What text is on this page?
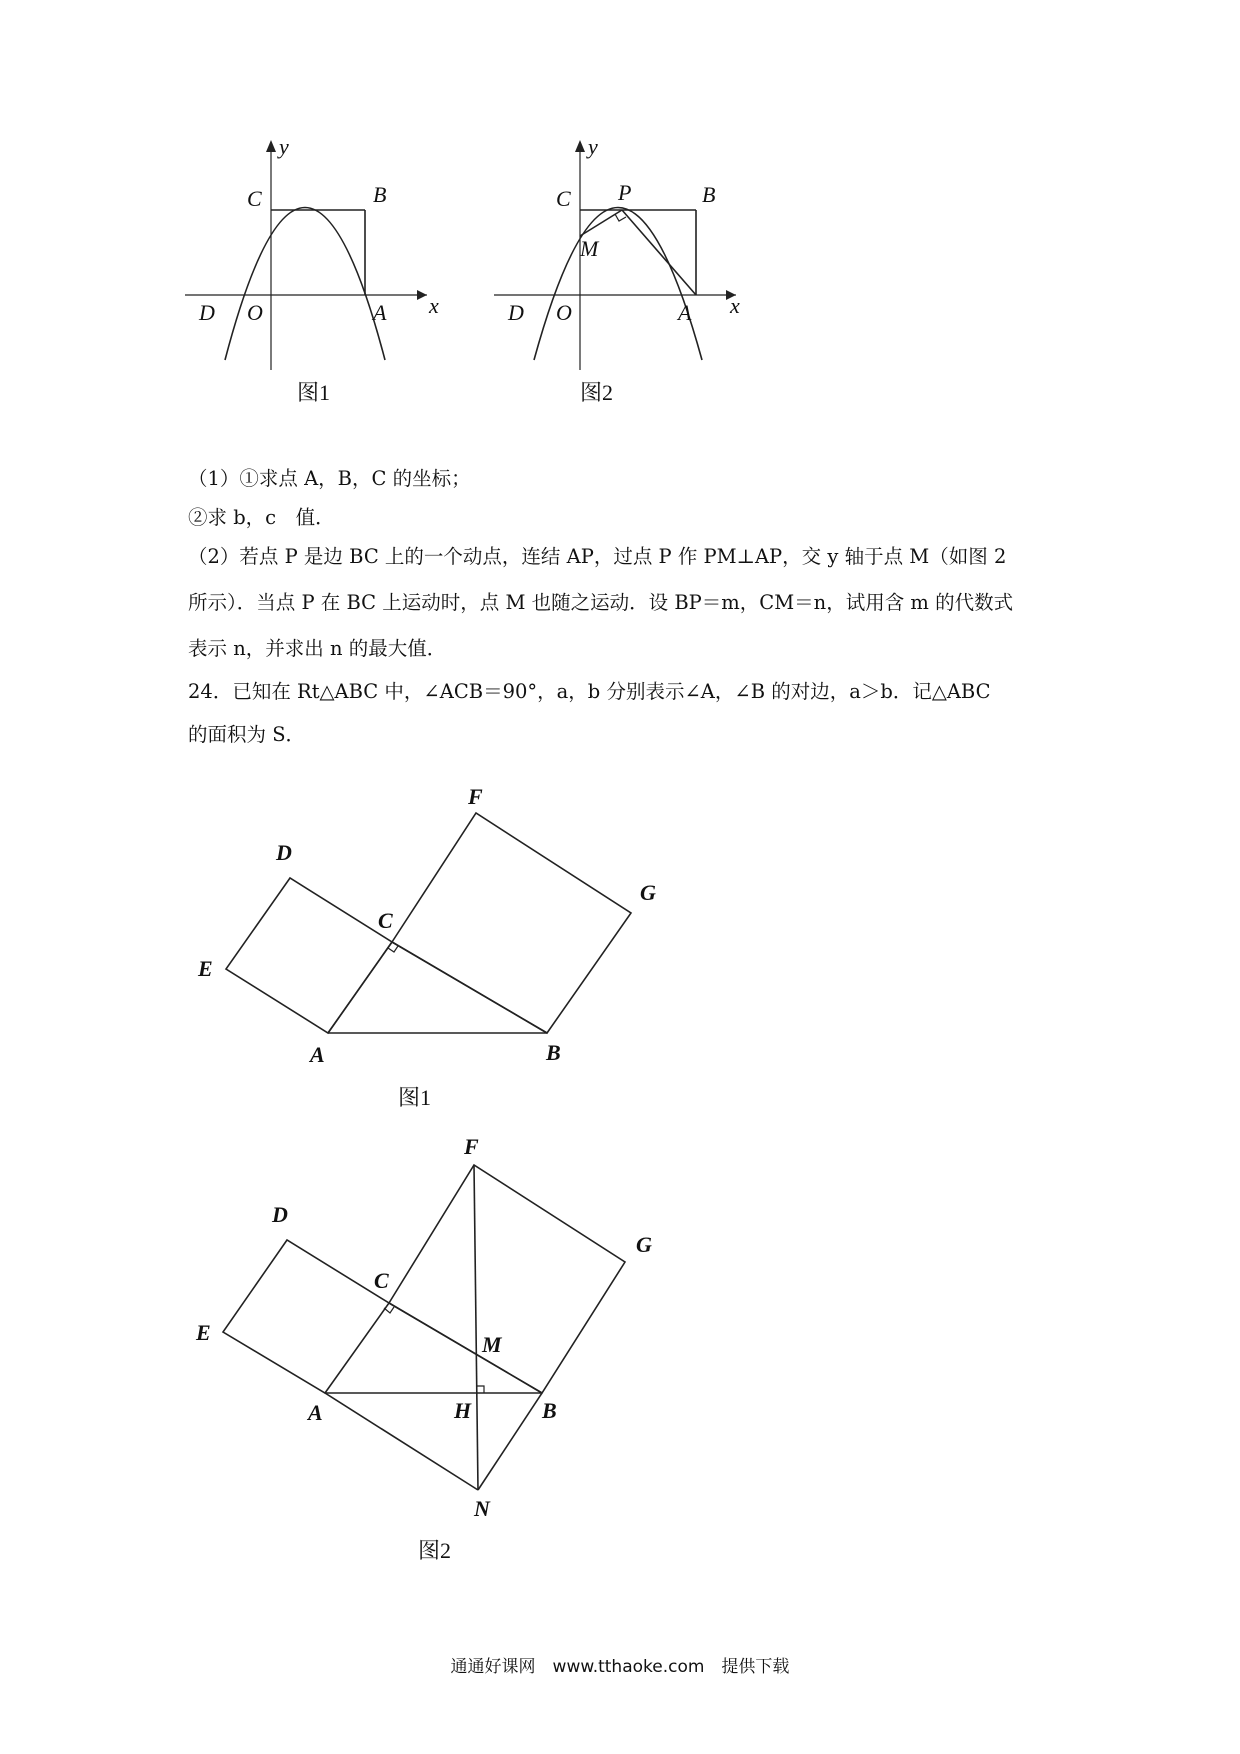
y
x
C	B
D O	A
图1
y
x
C P	B
M
D O	A
图2
（1）①求点 A，B，C 的坐标；
②求 b，c　值．
（2）若点 P 是边 BC 上的一个动点，连结 AP，过点 P 作 PM⊥AP，交 y 轴于点 M（如图 2
所示）．当点 P 在 BC 上运动时，点 M 也随之运动．设 BP＝m，CM＝n，试用含 m 的代数式
表示 n，并求出 n 的最大值．
24．已知在 Rt△ABC 中，∠ACB＝90°，a，b 分别表示∠A，∠B 的对边，a＞b．记△ABC
的面积为 S．
F
D
G
C
E
A	B
图1
F
D
G
C
E	M
A	H	B
N
图2
通通好课网　www.tthaoke.com　提供下载
